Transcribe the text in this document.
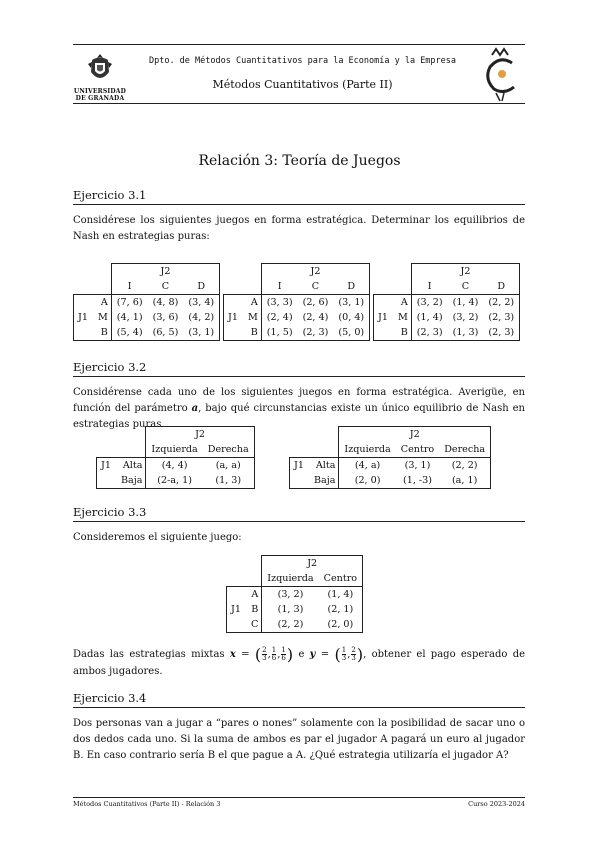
UNIVERSIDAD
DE GRANADA
Dpto. de Métodos Cuantitativos para la Economía y la Empresa
Métodos Cuantitativos (Parte II)
Relación 3: Teoría de Juegos
Ejercicio 3.1
Considérese los siguientes juegos en forma estratégica. Determinar los equilibrios de Nash en estrategias puras:
		J2		
		I	C	D
	A	(7, 6)	(4, 8)	(3, 4)
J1	M	(4, 1)	(3, 6)	(4, 2)
	B	(5, 4)	(6, 5)	(3, 1)
		J2		
		I	C	D
	A	(3, 3)	(2, 6)	(3, 1)
J1	M	(2, 4)	(2, 4)	(0, 4)
	B	(1, 5)	(2, 3)	(5, 0)
		J2		
		I	C	D
	A	(3, 2)	(1, 4)	(2, 2)
J1	M	(1, 4)	(3, 2)	(2, 3)
	B	(2, 3)	(1, 3)	(2, 3)
Ejercicio 3.2
Considérense cada uno de los siguientes juegos en forma estratégica. Averigüe, en función del parámetro a, bajo qué circunstancias existe un único equilibrio de Nash en estrategias puras.
		J2	
		Izquierda	Derecha
J1	Alta	(4, 4)	(a, a)
	Baja	(2-a, 1)	(1, 3)
		J2		
		Izquierda	Centro	Derecha
J1	Alta	(4, a)	(3, 1)	(2, 2)
	Baja	(2, 0)	(1, -3)	(a, 1)
Ejercicio 3.3
Consideremos el siguiente juego:
		J2	
		Izquierda	Centro
	A	(3, 2)	(1, 4)
J1	B	(1, 3)	(2, 1)
	C	(2, 2)	(2, 0)
Dadas las estrategias mixtas x = ( $\frac{2}{3}$ , $\frac{1}{6}$ , $\frac{1}{6}$ ) e y = ( $\frac{1}{3}$ , $\frac{2}{3}$ ), obtener el pago esperado de ambos jugadores.
Ejercicio 3.4
Dos personas van a jugar a “pares o nones” solamente con la posibilidad de sacar uno o dos dedos cada uno. Si la suma de ambos es par el jugador A pagará un euro al jugador B. En caso contrario sería B el que pague a A. ¿Qué estrategia utilizaría el jugador A?
Métodos Cuantitativos (Parte II) - Relación 3	Curso 2023-2024
